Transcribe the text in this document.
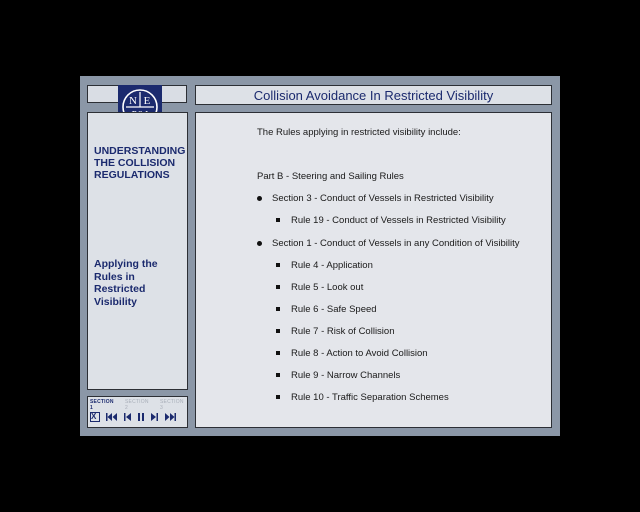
N E	Collision Avoidance In Restricted Visibility
UNDERSTANDING THE COLLISION REGULATIONS
Applying the Rules in Restricted Visibility
SECTION 1
SECTION 2
SECTION 3
X
The Rules applying in restricted visibility include:
Part B - Steering and Sailing Rules
Section 3 - Conduct of Vessels in Restricted Visibility
Rule 19 - Conduct of Vessels in Restricted Visibility
Section 1 - Conduct of Vessels in any Condition of Visibility
Rule 4 - Application
Rule 5 - Look out
Rule 6 - Safe Speed
Rule 7 - Risk of Collision
Rule 8 - Action to Avoid Collision
Rule 9 - Narrow Channels
Rule 10 - Traffic Separation Schemes
